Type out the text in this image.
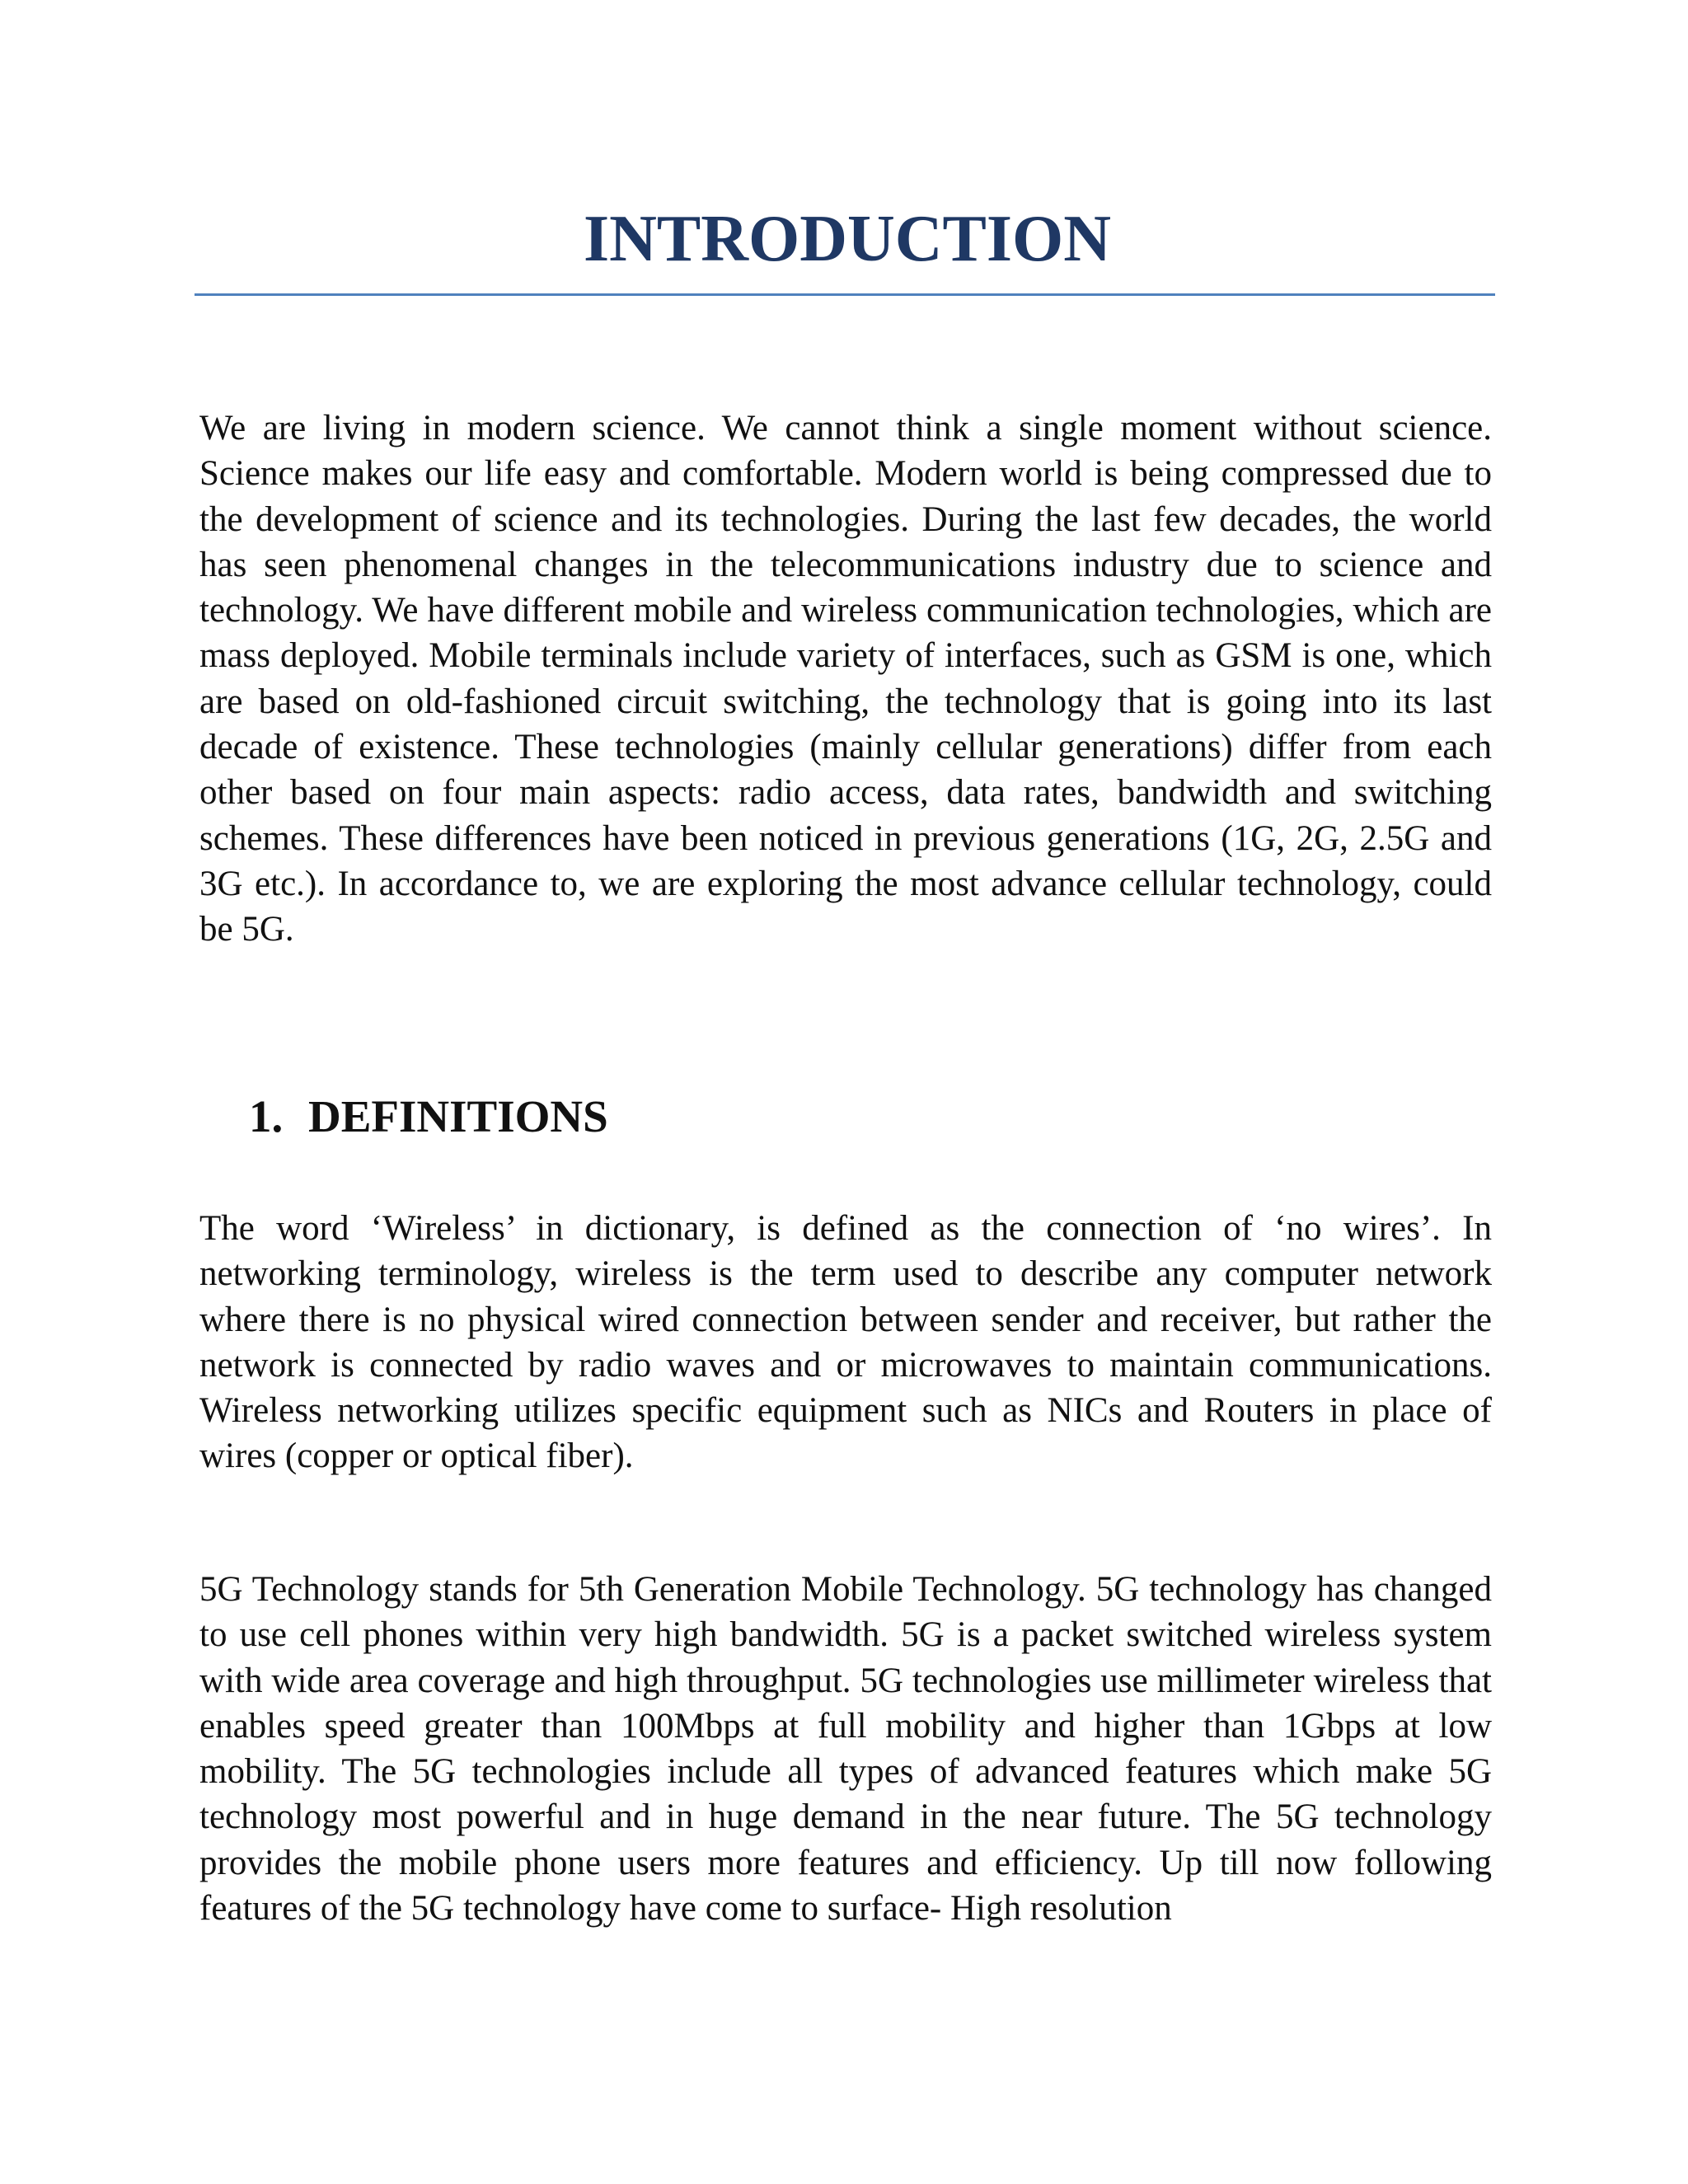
INTRODUCTION

We are living in modern science. We cannot think a single moment without science. Science makes our life easy and comfortable. Modern world is being compressed due to the development of science and its technologies. During the last few decades, the world has seen phenomenal changes in the telecommunications industry due to science and technology. We have different mobile and wireless communication technologies, which are mass deployed. Mobile terminals include variety of interfaces, such as GSM is one, which are based on old-fashioned circuit switching, the technology that is going into its last decade of existence. These technologies (mainly cellular generations) differ from each other based on four main aspects: radio access, data rates, bandwidth and switching schemes. These differences have been noticed in previous generations (1G, 2G, 2.5G and 3G etc.). In accordance to, we are exploring the most advance cellular technology, could be 5G.

1. DEFINITIONS

The word ‘Wireless’ in dictionary, is defined as the connection of ‘no wires’. In networking terminology, wireless is the term used to describe any computer network where there is no physical wired connection between sender and receiver, but rather the network is connected by radio waves and or microwaves to maintain communications. Wireless networking utilizes specific equipment such as NICs and Routers in place of wires (copper or optical fiber).

5G Technology stands for 5th Generation Mobile Technology. 5G technology has changed to use cell phones within very high bandwidth. 5G is a packet switched wireless system with wide area coverage and high throughput. 5G technologies use millimeter wireless that enables speed greater than 100Mbps at full mobility and higher than 1Gbps at low mobility. The 5G technologies include all types of advanced features which make 5G technology most powerful and in huge demand in the near future. The 5G technology provides the mobile phone users more features and efficiency. Up till now following features of the 5G technology have come to surface- High resolution
